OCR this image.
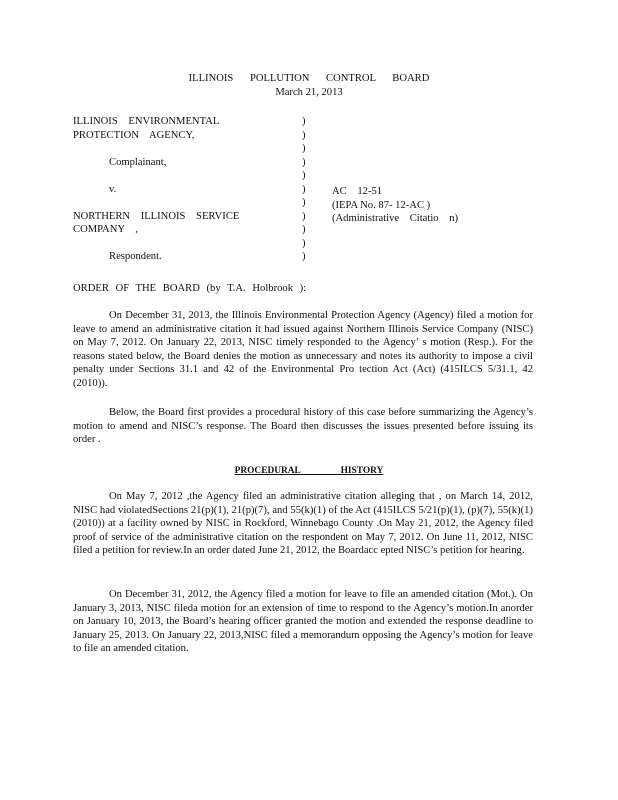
ILLINOIS POLLUTION CONTROL BOARD
March 21, 2013
ILLINOIS ENVIRONMENTAL
PROTECTION AGENCY,

Complainant,

v.

NORTHERN ILLINOIS SERVICE
COMPANY ,

Respondent.
)
)
)
)
)
)
)
)
)
)
)
AC 12-51
(IEPA No. 87- 12-AC )
(Administrative Citatio n)
ORDER OF THE BOARD (by T.A. Holbrook ):
On December 31, 2013, the Illinois Environmental Protection Agency (Agency) filed a motion for leave to amend an administrative citation it had issued against Northern Illinois Service Company (NISC) on May 7, 2012. On January 22, 2013, NISC timely responded to the Agency’ s motion (Resp.). For the reasons stated below, the Board denies the motion as unnecessary and notes its authority to impose a civil penalty under Sections 31.1 and 42 of the Environmental Pro tection Act (Act) (415ILCS 5/31.1, 42 (2010)).
Below, the Board first provides a procedural history of this case before summarizing the Agency’s motion to amend and NISC’s response. The Board then discusses the issues presented before issuing its order .
PROCEDURAL HISTORY
On May 7, 2012 ,the Agency filed an administrative citation alleging that , on March 14, 2012, NISC had violatedSections 21(p)(1), 21(p)(7), and 55(k)(1) of the Act (415ILCS 5/21(p)(1), (p)(7), 55(k)(1) (2010)) at a facility owned by NISC in Rockford, Winnebago County .On May 21, 2012, the Agency filed proof of service of the administrative citation on the respondent on May 7, 2012. On June 11, 2012, NISC filed a petition for review.In an order dated June 21, 2012, the Boardacc epted NISC’s petition for hearing.
On December 31, 2012, the Agency filed a motion for leave to file an amended citation (Mot.). On January 3, 2013, NISC fileda motion for an extension of time to respond to the Agency’s motion.In anorder on January 10, 2013, the Board’s hearing officer granted the motion and extended the response deadline to January 25, 2013. On January 22, 2013,NISC filed a memorandum opposing the Agency’s motion for leave to file an amended citation.
